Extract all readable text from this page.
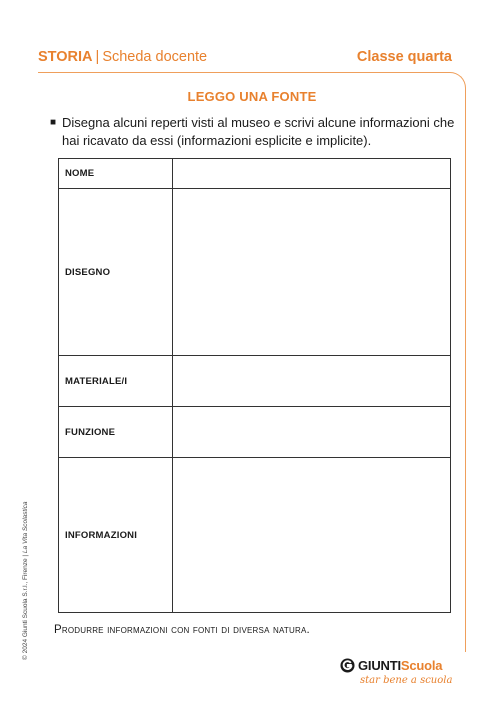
STORIA | Scheda docente	Classe quarta
LEGGO UNA FONTE
■ Disegna alcuni reperti visti al museo e scrivi alcune informazioni che hai ricavato da essi (informazioni esplicite e implicite).
NOME	
DISEGNO	
MATERIALE/I	
FUNZIONE	
INFORMAZIONI	
Produrre informazioni con fonti di diversa natura.
© 2024 Giunti Scuola S.r.l., Firenze | La Vita Scolastica
GIUNTI Scuola
star bene a scuola
